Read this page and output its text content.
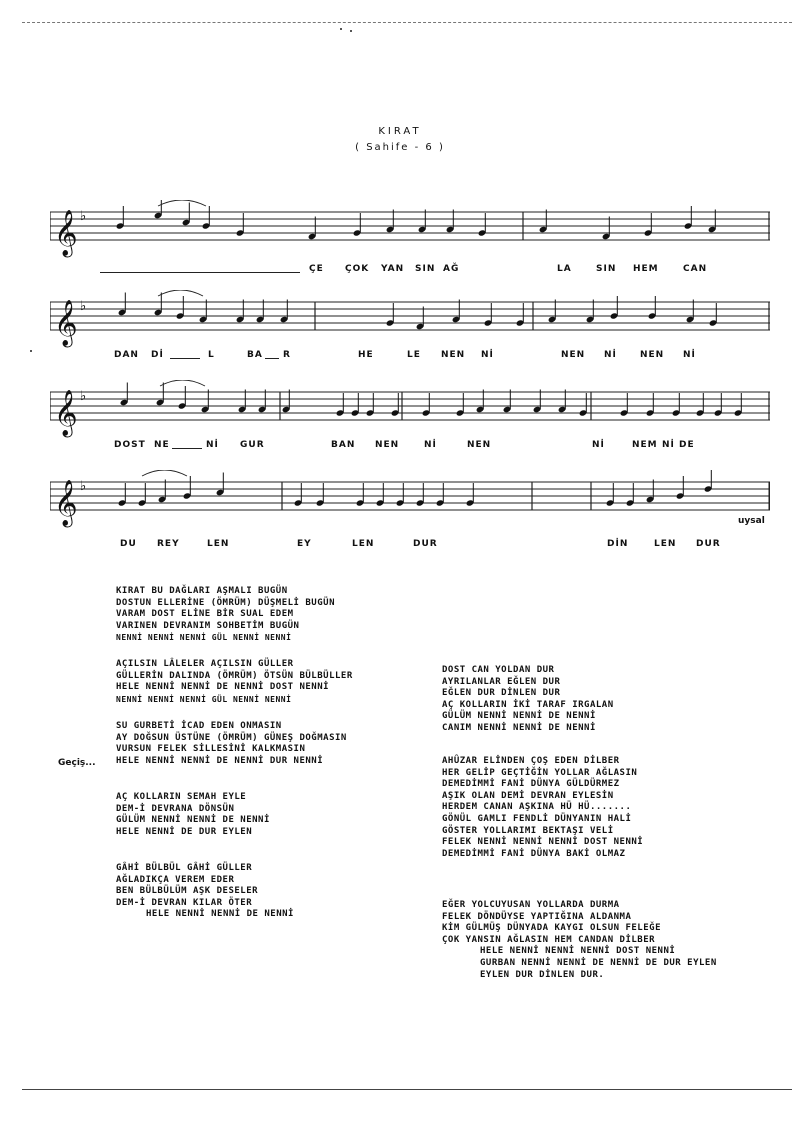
KIRAT
( Sahife - 6 )
𝄞 ♭
𝄞 ♭
𝄞 ♭
𝄞 ♭
ÇE ÇOK YAN SIN AĞ	LA	SIN HEM	CAN
DAN Dİ	L	BA R	HE	LE NEN Nİ	NEN Nİ	NEN Nİ
DOST NE	Nİ GUR	BAN NEN	Nİ	NEN	Nİ	NEM Nİ DE
DU REY	LEN	EY	LEN	DUR	DİN	LEN DUR
uysal
KIRAT BU DAĞLARI AŞMALI BUGÜN
DOSTUN ELLERİNE (ÖMRÜM) DÜŞMELİ BUGÜN
VARAM DOST ELİNE BİR SUAL EDEM
VARINEN DEVRANIM SOHBETİM BUGÜN
NENNİ NENNİ NENNİ GÜL NENNİ NENNİ
AÇILSIN LÂLELER AÇILSIN GÜLLER
GÜLLERİN DALINDA (ÖMRÜM) ÖTSÜN BÜLBÜLLER
HELE NENNİ NENNİ DE NENNİ DOST NENNİ
NENNİ NENNİ NENNİ GÜL NENNİ NENNİ
SU GURBETİ İCAD EDEN ONMASIN
AY DOĞSUN ÜSTÜNE (ÖMRÜM) GÜNEŞ DOĞMASIN
VURSUN FELEK SİLLESİNİ KALKMASIN
HELE NENNİ NENNİ DE NENNİ DUR NENNİ
Geçiş...
AÇ KOLLARIN SEMAH EYLE
DEM-İ DEVRANA DÖNSÜN
GÜLÜM NENNİ NENNİ DE NENNİ
HELE NENNİ DE DUR EYLEN
GÂHİ BÜLBÜL GÂHİ GÜLLER
AĞLADIKÇA VEREM EDER
BEN BÜLBÜLÜM AŞK DESELER
DEM-İ DEVRAN KILAR ÖTER
HELE NENNİ NENNİ DE NENNİ
DOST CAN YOLDAN DUR
AYRILANLAR EĞLEN DUR
EĞLEN DUR DİNLEN DUR
AÇ KOLLARIN İKİ TARAF IRGALAN
GÜLÜM NENNİ NENNİ DE NENNİ
CANIM NENNİ NENNİ DE NENNİ
AHÛZAR ELİNDEN ÇOŞ EDEN DİLBER
HER GELİP GEÇTİĞİN YOLLAR AĞLASIN
DEMEDİMMİ FANİ DÜNYA GÜLDÜRMEZ
AŞIK OLAN DEMİ DEVRAN EYLESİN
HERDEM CANAN AŞKINA HÜ HÜ.......
GÖNÜL GAMLI FENDLİ DÜNYANIN HALİ
GÖSTER YOLLARIMI BEKTAŞI VELİ
FELEK NENNİ NENNİ NENNİ DOST NENNİ
DEMEDİMMİ FANİ DÜNYA BAKİ OLMAZ
EĞER YOLCUYUSAN YOLLARDA DURMA
FELEK DÖNDÜYSE YAPTIĞINA ALDANMA
KİM GÜLMÜŞ DÜNYADA KAYGI OLSUN FELEĞE
ÇOK YANSIN AĞLASIN HEM CANDAN DİLBER
HELE NENNİ NENNİ NENNİ DOST NENNİ
GURBAN NENNİ NENNİ DE NENNİ DE DUR EYLEN
EYLEN DUR DİNLEN DUR.
